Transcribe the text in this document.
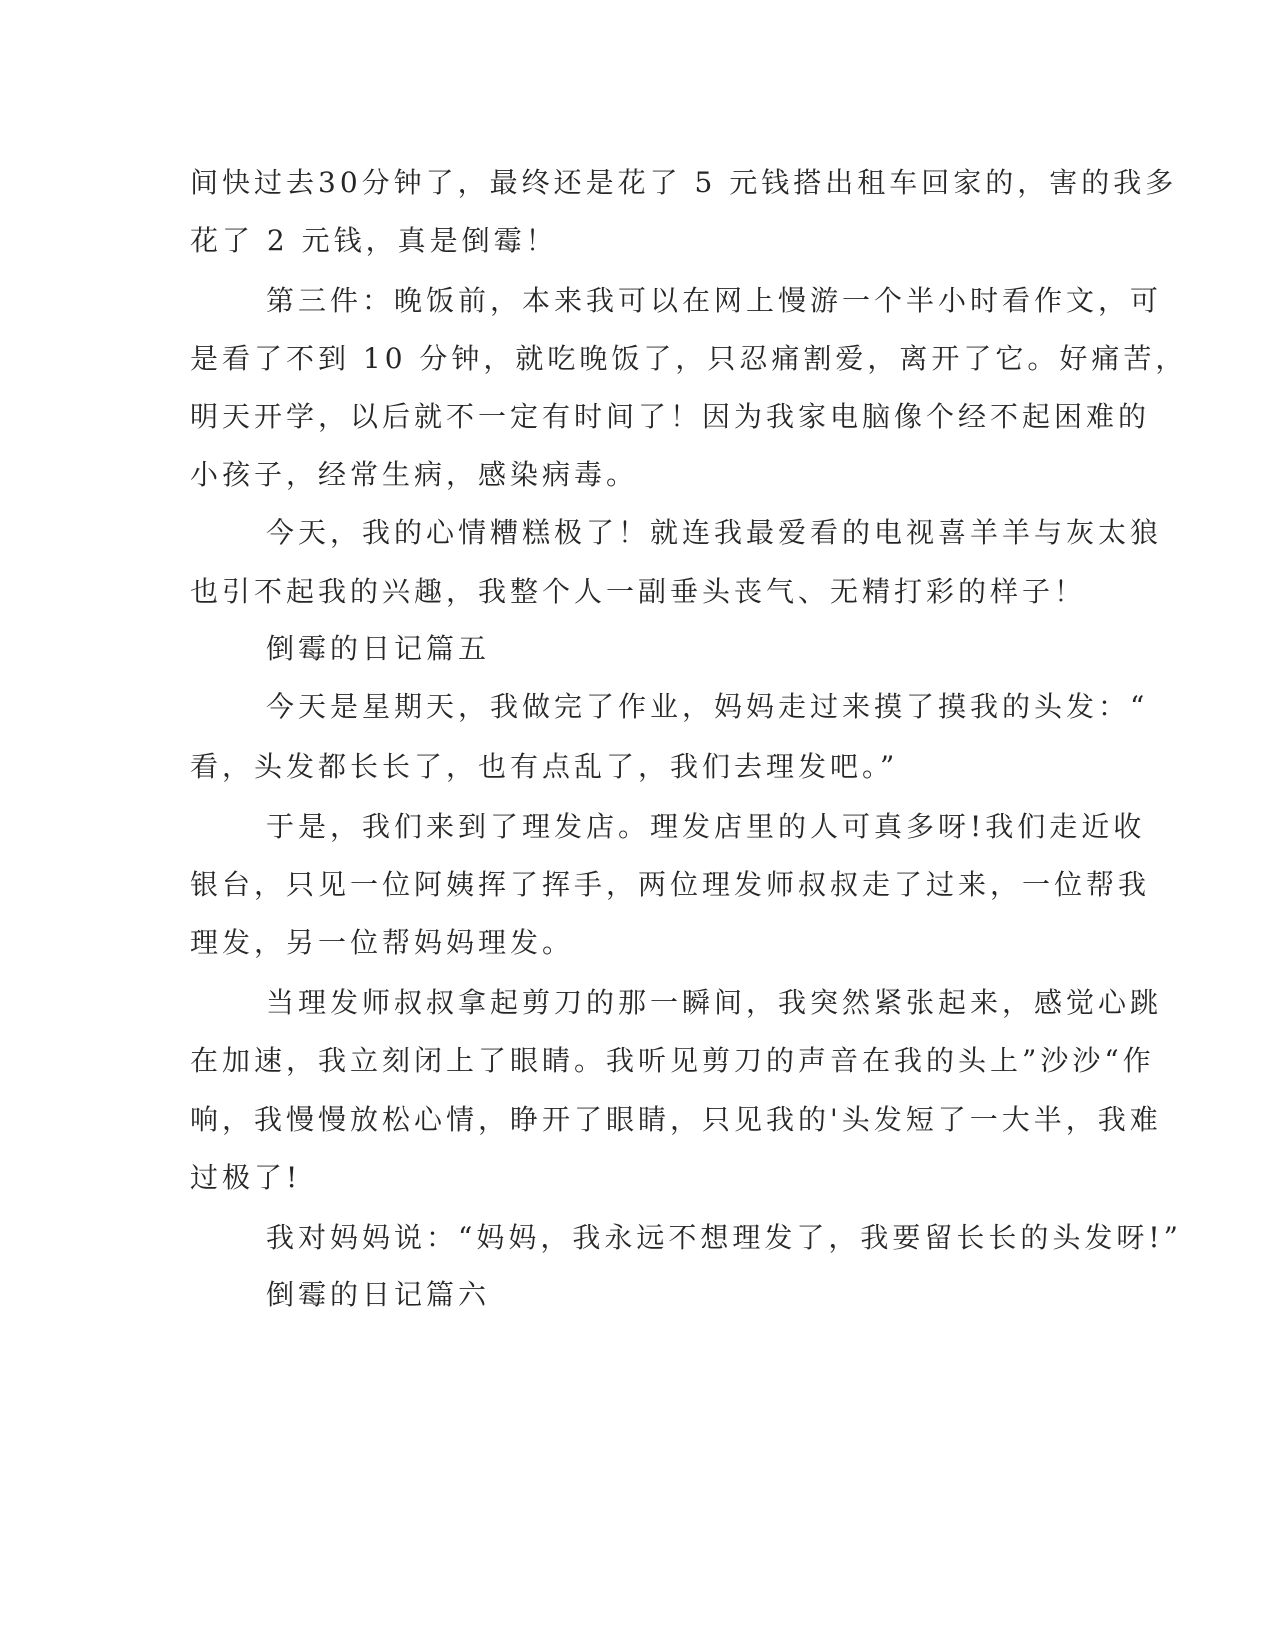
间快过去30分钟了，最终还是花了 5 元钱搭出租车回家的，害的我多
花了 2 元钱，真是倒霉！
第三件：晚饭前，本来我可以在网上慢游一个半小时看作文，可
是看了不到 10 分钟，就吃晚饭了，只忍痛割爱，离开了它。好痛苦，
明天开学，以后就不一定有时间了！因为我家电脑像个经不起困难的
小孩子，经常生病，感染病毒。
今天，我的心情糟糕极了！就连我最爱看的电视喜羊羊与灰太狼
也引不起我的兴趣，我整个人一副垂头丧气、无精打彩的样子！
倒霉的日记篇五
今天是星期天，我做完了作业，妈妈走过来摸了摸我的头发：“
看，头发都长长了，也有点乱了，我们去理发吧。”
于是，我们来到了理发店。理发店里的人可真多呀!我们走近收
银台，只见一位阿姨挥了挥手，两位理发师叔叔走了过来，一位帮我
理发，另一位帮妈妈理发。
当理发师叔叔拿起剪刀的那一瞬间，我突然紧张起来，感觉心跳
在加速，我立刻闭上了眼睛。我听见剪刀的声音在我的头上”沙沙“作
响，我慢慢放松心情，睁开了眼睛，只见我的'头发短了一大半，我难
过极了!
我对妈妈说：“妈妈，我永远不想理发了，我要留长长的头发呀!”
倒霉的日记篇六
